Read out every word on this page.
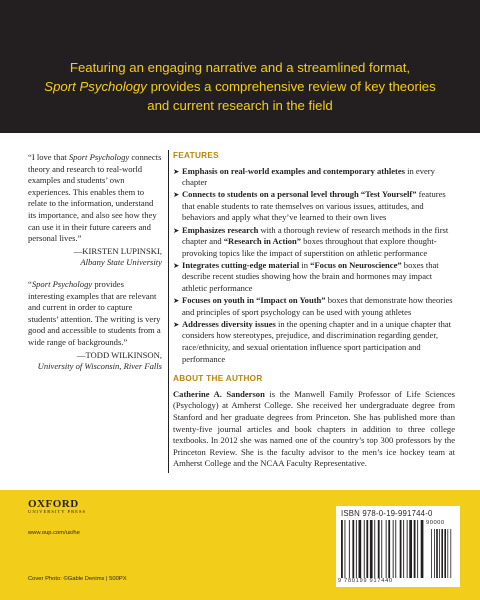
Featuring an engaging narrative and a streamlined format,
Sport Psychology provides a comprehensive review of key theories
and current research in the field
“I love that Sport Psychology connects theory and research to real-world examples and students’ own experiences. This enables them to relate to the information, understand its importance, and also see how they can use it in their future careers and personal lives.”
—KIRSTEN LUPINSKI,
Albany State University
“Sport Psychology provides interesting examples that are relevant and current in order to capture students’ attention. The writing is very good and accessible to students from a wide range of backgrounds.”
—TODD WILKINSON,
University of Wisconsin, River Falls
FEATURES
➤ Emphasis on real-world examples and contemporary athletes in every chapter
➤ Connects to students on a personal level through “Test Yourself” features that enable students to rate themselves on various issues, attitudes, and behaviors and apply what they’ve learned to their own lives
➤ Emphasizes research with a thorough review of research methods in the first chapter and “Research in Action” boxes throughout that explore thought-provoking topics like the impact of superstition on athletic performance
➤ Integrates cutting-edge material in “Focus on Neuroscience” boxes that describe recent studies showing how the brain and hormones may impact athletic performance
➤ Focuses on youth in “Impact on Youth” boxes that demonstrate how theories and principles of sport psychology can be used with young athletes
➤ Addresses diversity issues in the opening chapter and in a unique chapter that considers how stereotypes, prejudice, and discrimination regarding gender, race/ethnicity, and sexual orientation influence sport participation and performance
ABOUT THE AUTHOR
Catherine A. Sanderson is the Manwell Family Professor of Life Sciences (Psychology) at Amherst College. She received her undergraduate degree from Stanford and her graduate degrees from Princeton. She has published more than twenty-five journal articles and book chapters in addition to three college textbooks. In 2012 she was named one of the country’s top 300 professors by the Princeton Review. She is the faculty advisor to the men’s ice hockey team at Amherst College and the NCAA Faculty Representative.
OXFORD
UNIVERSITY PRESS
www.oup.com/us/he
Cover Photo: ©Gable Denims | 500PX
ISBN 978-0-19-991744-0
90000
9 780199 917440
